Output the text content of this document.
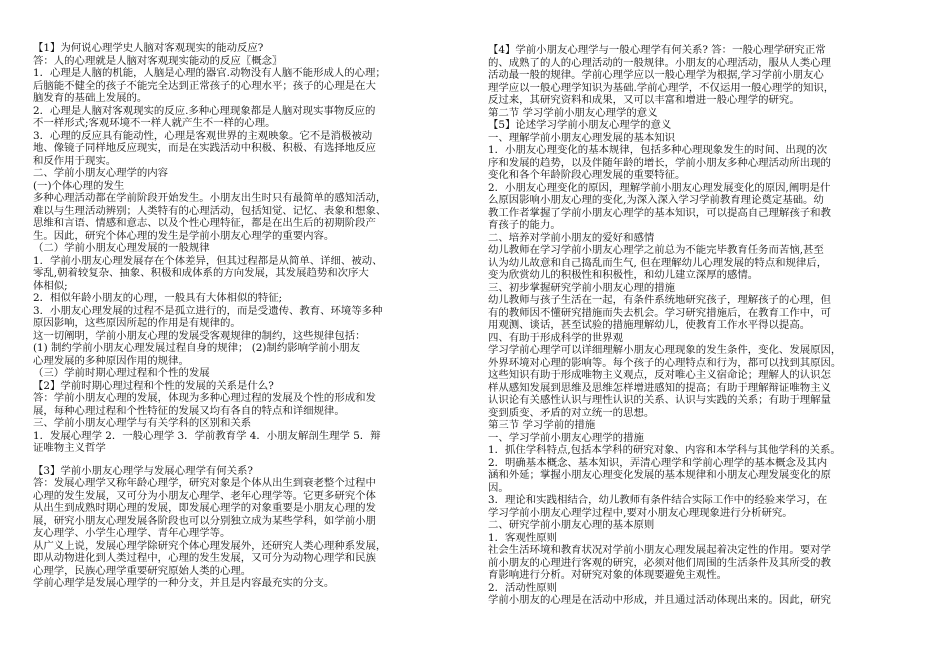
【1】为何说心理学史人脑对客观现实的能动反应?
答：人的心理就是人脑对客观现实能动的反应〖概念〗
1．心理是人脑的机能，人脑是心理的器官.动物没有人脑不能形成人的心理；
后脑能不健全的孩子不能完全达到正常孩子的心理水平；孩子的心理是在大
脑发育的基础上发展的。
2．心理是人脑对客观现实的反应.多种心理现象都是人脑对现实事物反应的
不一样形式;客观环境不一样人就产生不一样的心理。
3．心理的反应具有能动性，心理是客观世界的主观映象。它不是消极被动
地、像镜子同样地反应现实，而是在实践活动中积极、积极、有选择地反应
和反作用于现实。
二、学前小朋友心理学的内容
(一)个体心理的发生
多种心理活动都在学前阶段开始发生。小朋友出生时只有最简单的感知活动，
难以与生理活动辨别；人类特有的心理活动，包括知觉、记忆、表象和想象、
思维和言语、情感和意志、以及个性心理特征，都是在出生后的初期阶段产
生。因此，研究个体心理的发生是学前小朋友心理学的重要内容。
（二）学前小朋友心理发展的一般规律
1．学前小朋友心理发展存在个体差异，但其过程都是从简单、详细、被动、
零乱,朝着较复杂、抽象、积极和成体系的方向发展，其发展趋势和次序大
体相似;
2．相似年龄小朋友的心理，一般具有大体相似的特征;
3．小朋友心理发展的过程不是孤立进行的，而是受遗传、教育、环境等多种
原因影响，这些原因所起的作用是有规律的。
这一切阐明，学前小朋友心理的发展受客观规律的制约，这些规律包括：
(1) 制约学前小朋友心理发展过程自身的规律； (2)制约影响学前小朋友
心理发展的多种原因作用的规律。
（三）学前时期心理过程和个性的发展
【2】学前时期心理过程和个性的发展的关系是什么?
答：学前小朋友心理的发展，体现为多种心理过程的发展及个性的形成和发
展，每种心理过程和个性特征的发展又均有各自的特点和详细规律。
三、学前小朋友心理学与有关学科的区别和关系
1．发展心理学 2．一般心理学 3．学前教育学 4．小朋友解剖生理学 5．辩
证唯物主义哲学
【3】学前小朋友心理学与发展心理学有何关系?
答：发展心理学又称年龄心理学，研究对象是个体从出生到衰老整个过程中
心理的发生发展，又可分为小朋友心理学、老年心理学等。它更多研究个体
从出生到成熟时期心理的发展，即发展心理学的对象重要是小朋友心理的发
展，研究小朋友心理发展各阶段也可以分别独立成为某些学科，如学前小朋
友心理学、小学生心理学、青年心理学等。
从广义上说，发展心理学除研究个体心理发展外，还研究人类心理种系发展，
即从动物进化到人类过程中，心理的发生发展，又可分为动物心理学和民族
心理学，民族心理学重要研究原始人类的心理。
学前心理学是发展心理学的一种分支，并且是内容最充实的分支。
【4】学前小朋友心理学与一般心理学有何关系? 答：一般心理学研究正常
的、成熟了的人的心理活动的一般规律。小朋友的心理活动，服从人类心理
活动最一般的规律。学前心理学应以一般心理学为根据,学习学前小朋友心
理学应以一般心理学知识为基础.学前心理学，不仅运用一般心理学的知识，
反过来，其研究资料和成果，又可以丰富和增进一般心理学的研究。
第二节 学习学前小朋友心理学的意义
【5】论述学习学前小朋友心理学的意义
一、理解学前小朋友心理发展的基本知识
1．小朋友心理变化的基本规律，包括多种心理现象发生的时间、出现的次
序和发展的趋势，以及伴随年龄的增长，学前小朋友多种心理活动所出现的
变化和各个年龄阶段心理发展的重要特征。
2．小朋友心理变化的原因，理解学前小朋友心理发展变化的原因,阐明是什
么原因影响小朋友心理的变化,为深入深入学习学前教育理论奠定基础。幼
教工作者掌握了学前小朋友心理学的基本知识，可以提高自己理解孩子和教
育孩子的能力。
二、培养对学前小朋友的爱好和感情
幼儿教师在学习学前小朋友心理学之前总为不能完毕教育任务而苦恼,甚至
认为幼儿故意和自己捣乱而生气, 但在理解幼儿心理发展的特点和规律后，
变为欣赏幼儿的积极性和积极性，和幼儿建立深厚的感情。
三、初步掌握研究学前小朋友心理的措施
幼儿教师与孩子生活在一起，有条件系统地研究孩子，理解孩子的心理，但
有的教师因不懂研究措施而失去机会。学习研究措施后，在教育工作中，可
用观测、谈话，甚至试验的措施理解幼儿，使教育工作水平得以提高。
四、有助于形成科学的世界观
学习学前心理学可以详细理解小朋友心理现象的发生条件，变化、发展原因，
外界环境对心理的影响等。每个孩子的心理特点和行为，都可以找到其原因。
这些知识有助于形成唯物主义观点，反对唯心主义宿命论；理解人的认识怎
样从感知发展到思维及思维怎样增进感知的提高；有助于理解辩证唯物主义
认识论有关感性认识与理性认识的关系、认识与实践的关系；有助于理解量
变到质变、矛盾的对立统一的思想。
第三节 学习学前的措施
一、学习学前小朋友心理学的措施
1．抓住学科特点,包括本学科的研究对象、内容和本学科与其他学科的关系。
2．明确基本概念、基本知识，弄清心理学和学前心理学的基本概念及其内
涵和外延；掌握小朋友心理变化发展的基本规律和小朋友心理发展变化的原
因。
3．理论和实践相结合，幼儿教师有条件结合实际工作中的经验来学习，在
学习学前小朋友心理学过程中,要对小朋友心理现象进行分析研究。
二、研究学前小朋友心理的基本原则
1．客观性原则
社会生活环境和教育状况对学前小朋友心理发展起着决定性的作用。要对学
前小朋友的心理进行客观的研究，必须对他们周围的生活条件及其所受的教
育影响进行分析。对研究对象的体现要避免主观性。
2．活动性原则
学前小朋友的心理是在活动中形成，并且通过活动体现出来的。因此，研究
